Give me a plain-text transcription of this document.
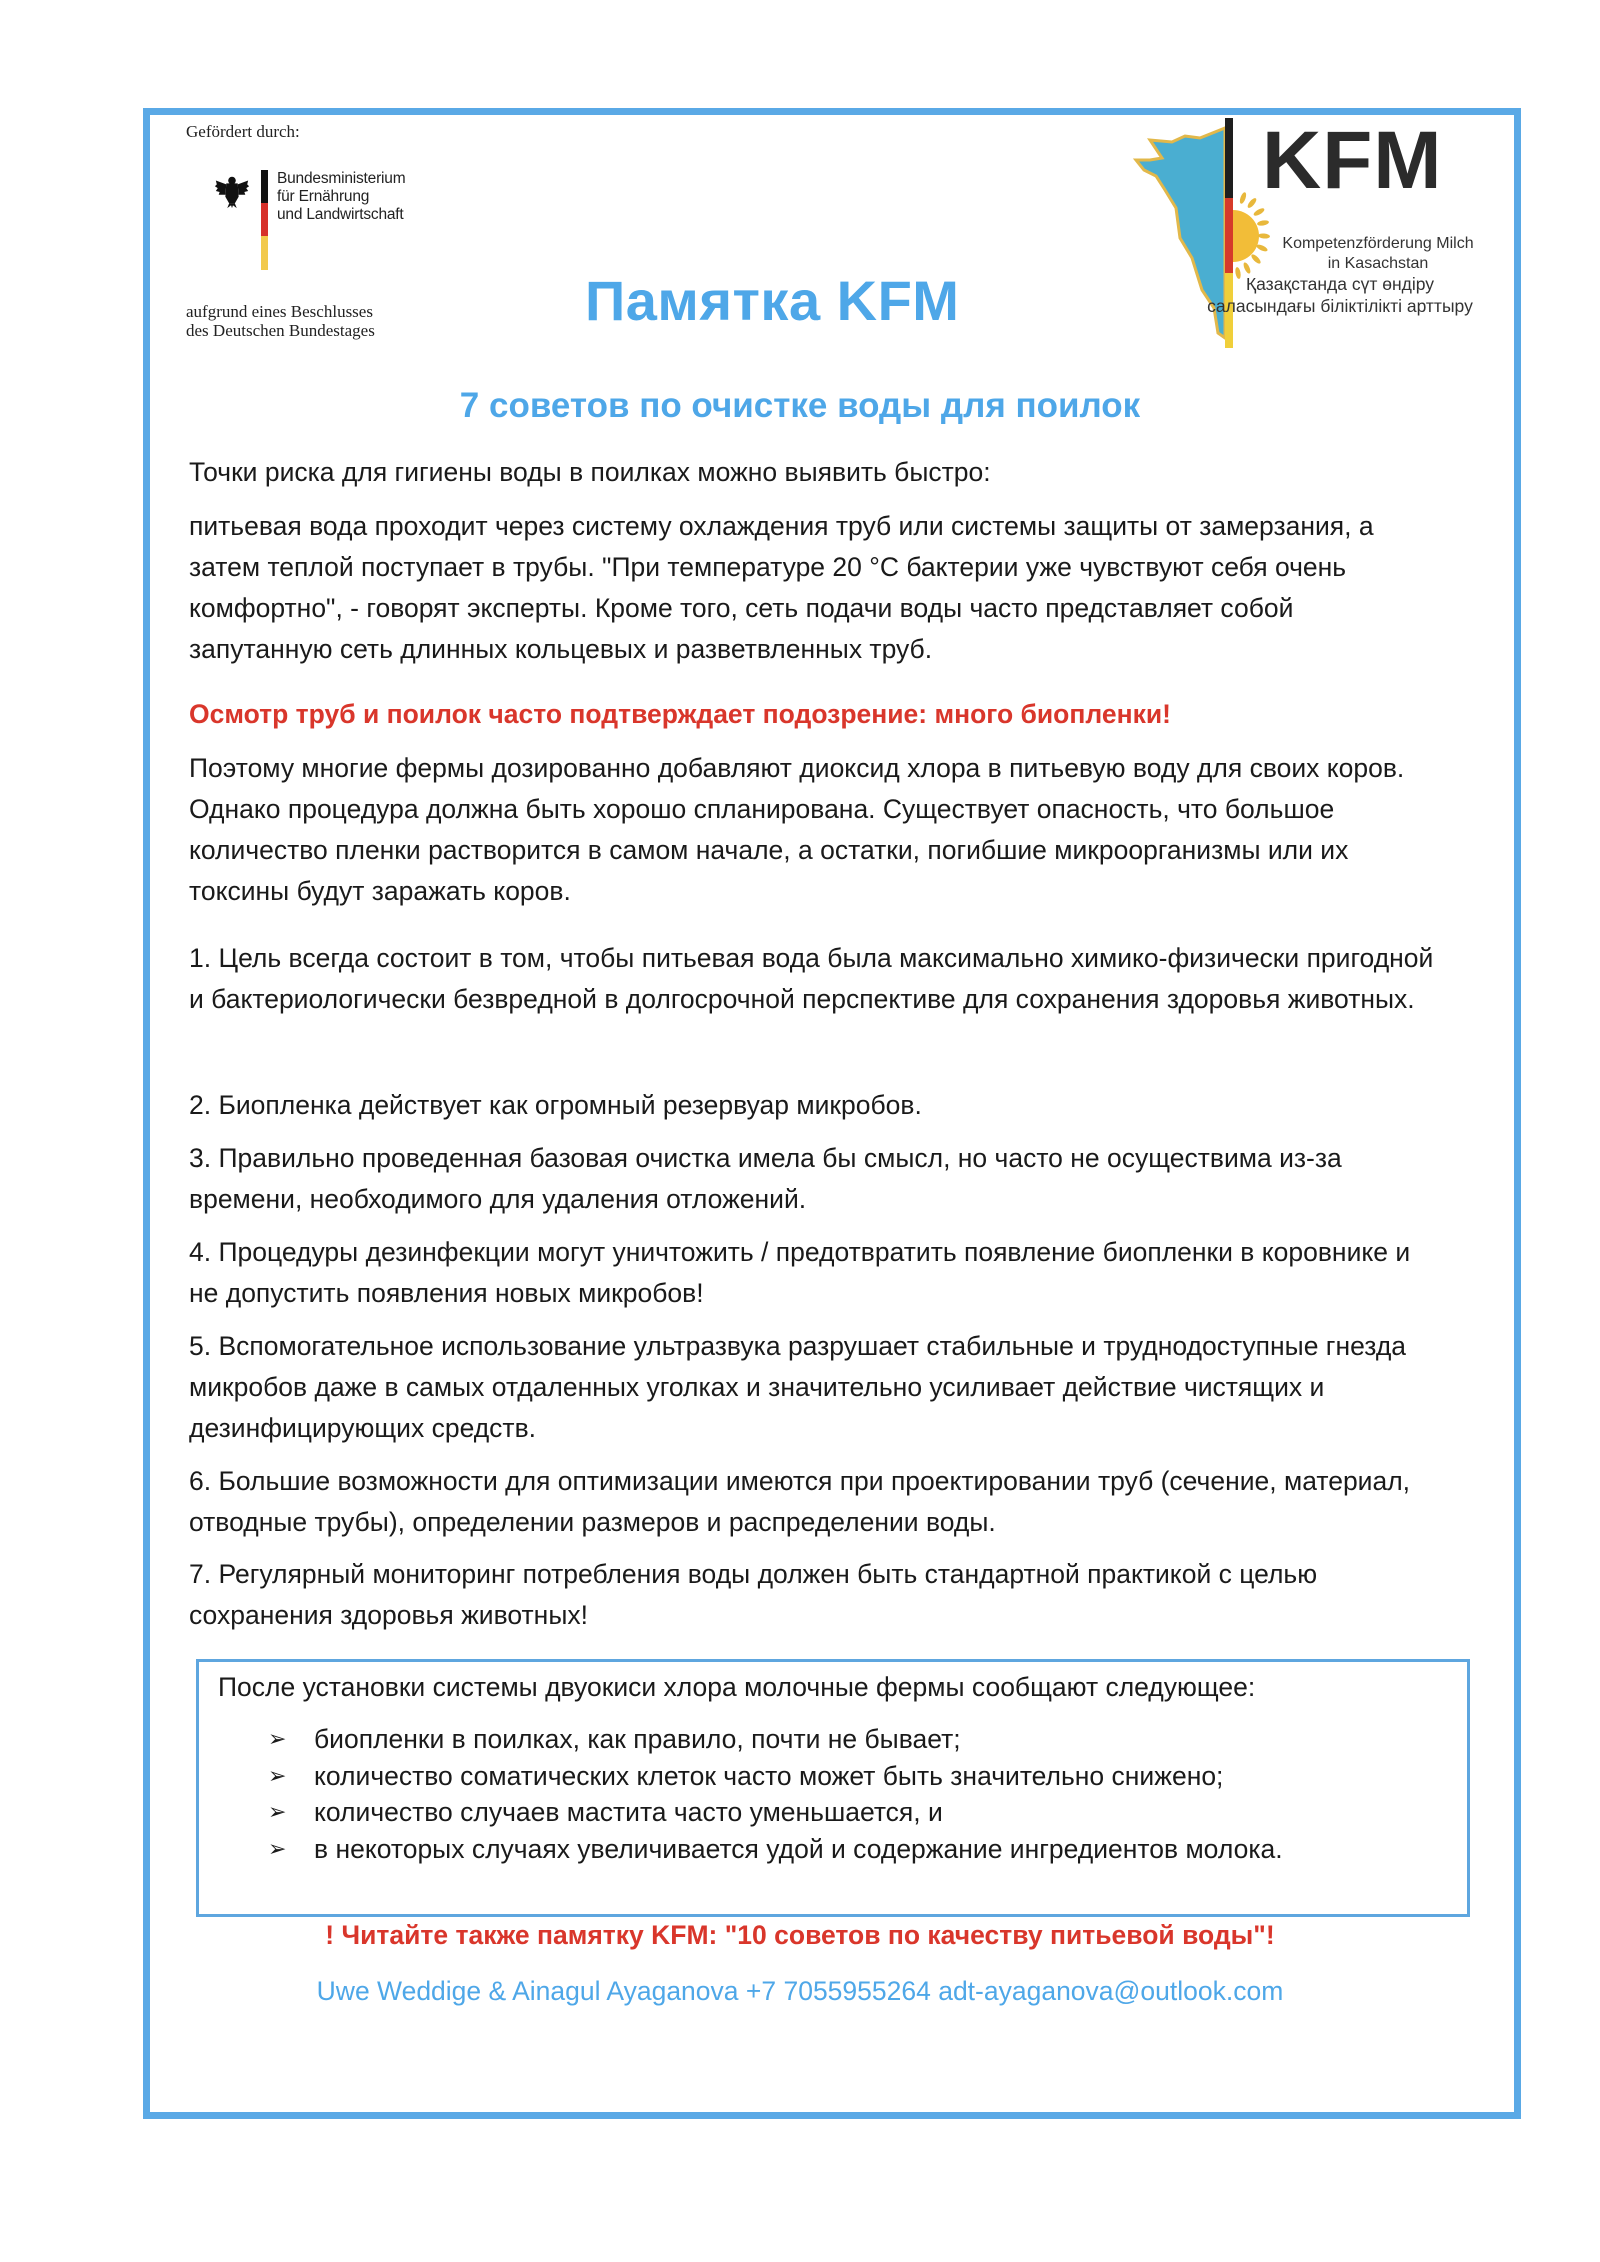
Gefördert durch:
Bundesministerium
für Ernährung
und Landwirtschaft
aufgrund eines Beschlusses
des Deutschen Bundestages	Памятка KFM
KFM
Kompetenzförderung Milch
in Kasachstan
Қазақстанда сүт өндіру
саласындағы біліктілікті арттыру
7 советов по очистке воды для поилок

Точки риска для гигиены воды в поилках можно выявить быстро:

питьевая вода проходит через систему охлаждения труб или системы защиты от замерзания, а затем теплой поступает в трубы. "При температуре 20 °C бактерии уже чувствуют себя очень комфортно", - говорят эксперты. Кроме того, сеть подачи воды часто представляет собой запутанную сеть длинных кольцевых и разветвленных труб.

Осмотр труб и поилок часто подтверждает подозрение: много биопленки!

Поэтому многие фермы дозированно добавляют диоксид хлора в питьевую воду для своих коров. Однако процедура должна быть хорошо спланирована. Существует опасность, что большое количество пленки растворится в самом начале, а остатки, погибшие микроорганизмы или их токсины будут заражать коров.

1. Цель всегда состоит в том, чтобы питьевая вода была максимально химико-физически пригодной и бактериологически безвредной в долгосрочной перспективе для сохранения здоровья животных.

2. Биопленка действует как огромный резервуар микробов.

3. Правильно проведенная базовая очистка имела бы смысл, но часто не осуществима из-за времени, необходимого для удаления отложений.

4. Процедуры дезинфекции могут уничтожить / предотвратить появление биопленки в коровнике и не допустить появления новых микробов!

5. Вспомогательное использование ультразвука разрушает стабильные и труднодоступные гнезда микробов даже в самых отдаленных уголках и значительно усиливает действие чистящих и дезинфицирующих средств.

6. Большие возможности для оптимизации имеются при проектировании труб (сечение, материал, отводные трубы), определении размеров и распределении воды.

7. Регулярный мониторинг потребления воды должен быть стандартной практикой с целью сохранения здоровья животных!

После установки системы двуокиси хлора молочные фермы сообщают следующее:
➢	биопленки в поилках, как правило, почти не бывает;
➢	количество соматических клеток часто может быть значительно снижено;
➢	количество случаев мастита часто уменьшается, и
➢	в некоторых случаях увеличивается удой и содержание ингредиентов молока.
! Читайте также памятку KFM: "10 советов по качеству питьевой воды"!
Uwe Weddige & Ainagul Ayaganova +7 7055955264 adt-ayaganova@outlook.com
